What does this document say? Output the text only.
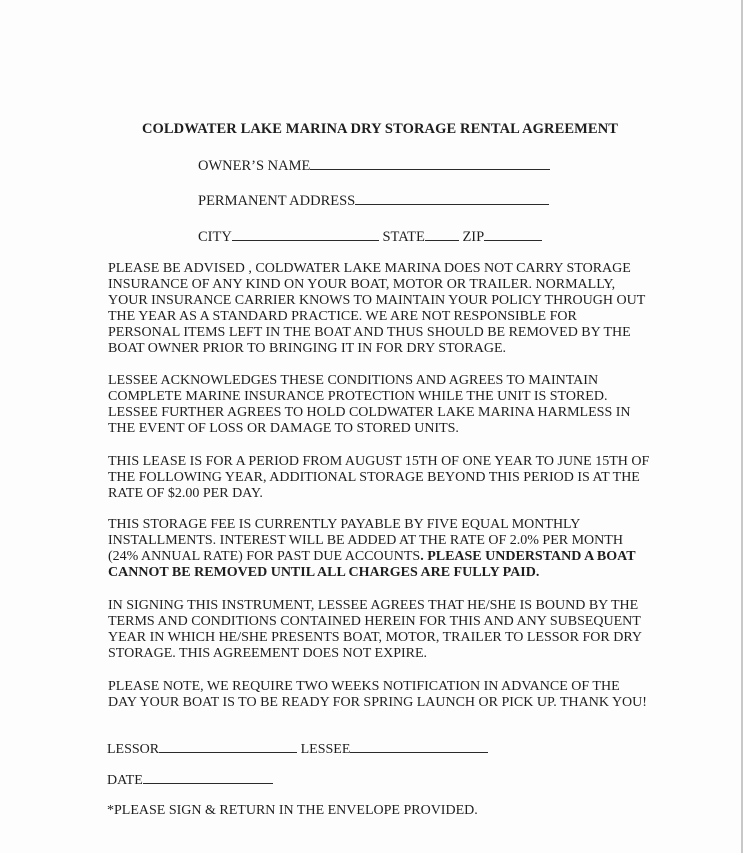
COLDWATER LAKE MARINA DRY STORAGE RENTAL AGREEMENT
OWNER’S NAME
PERMANENT ADDRESS
CITY	STATE	ZIP
PLEASE BE ADVISED , COLDWATER LAKE MARINA DOES NOT CARRY STORAGE
INSURANCE OF ANY KIND ON YOUR BOAT, MOTOR OR TRAILER. NORMALLY,
YOUR INSURANCE CARRIER KNOWS TO MAINTAIN YOUR POLICY THROUGH OUT
THE YEAR AS A STANDARD PRACTICE. WE ARE NOT RESPONSIBLE FOR
PERSONAL ITEMS LEFT IN THE BOAT AND THUS SHOULD BE REMOVED BY THE
BOAT OWNER PRIOR TO BRINGING IT IN FOR DRY STORAGE.
LESSEE ACKNOWLEDGES THESE CONDITIONS AND AGREES TO MAINTAIN
COMPLETE MARINE INSURANCE PROTECTION WHILE THE UNIT IS STORED.
LESSEE FURTHER AGREES TO HOLD COLDWATER LAKE MARINA HARMLESS IN
THE EVENT OF LOSS OR DAMAGE TO STORED UNITS.
THIS LEASE IS FOR A PERIOD FROM AUGUST 15TH OF ONE YEAR TO JUNE 15TH OF
THE FOLLOWING YEAR, ADDITIONAL STORAGE BEYOND THIS PERIOD IS AT THE
RATE OF $2.00 PER DAY.
THIS STORAGE FEE IS CURRENTLY PAYABLE BY FIVE EQUAL MONTHLY
INSTALLMENTS. INTEREST WILL BE ADDED AT THE RATE OF 2.0% PER MONTH
(24% ANNUAL RATE) FOR PAST DUE ACCOUNTS. PLEASE UNDERSTAND A BOAT
CANNOT BE REMOVED UNTIL ALL CHARGES ARE FULLY PAID.
IN SIGNING THIS INSTRUMENT, LESSEE AGREES THAT HE/SHE IS BOUND BY THE
TERMS AND CONDITIONS CONTAINED HEREIN FOR THIS AND ANY SUBSEQUENT
YEAR IN WHICH HE/SHE PRESENTS BOAT, MOTOR, TRAILER TO LESSOR FOR DRY
STORAGE. THIS AGREEMENT DOES NOT EXPIRE.
PLEASE NOTE, WE REQUIRE TWO WEEKS NOTIFICATION IN ADVANCE OF THE
DAY YOUR BOAT IS TO BE READY FOR SPRING LAUNCH OR PICK UP. THANK YOU!
LESSOR	LESSEE
DATE
*PLEASE SIGN & RETURN IN THE ENVELOPE PROVIDED.
